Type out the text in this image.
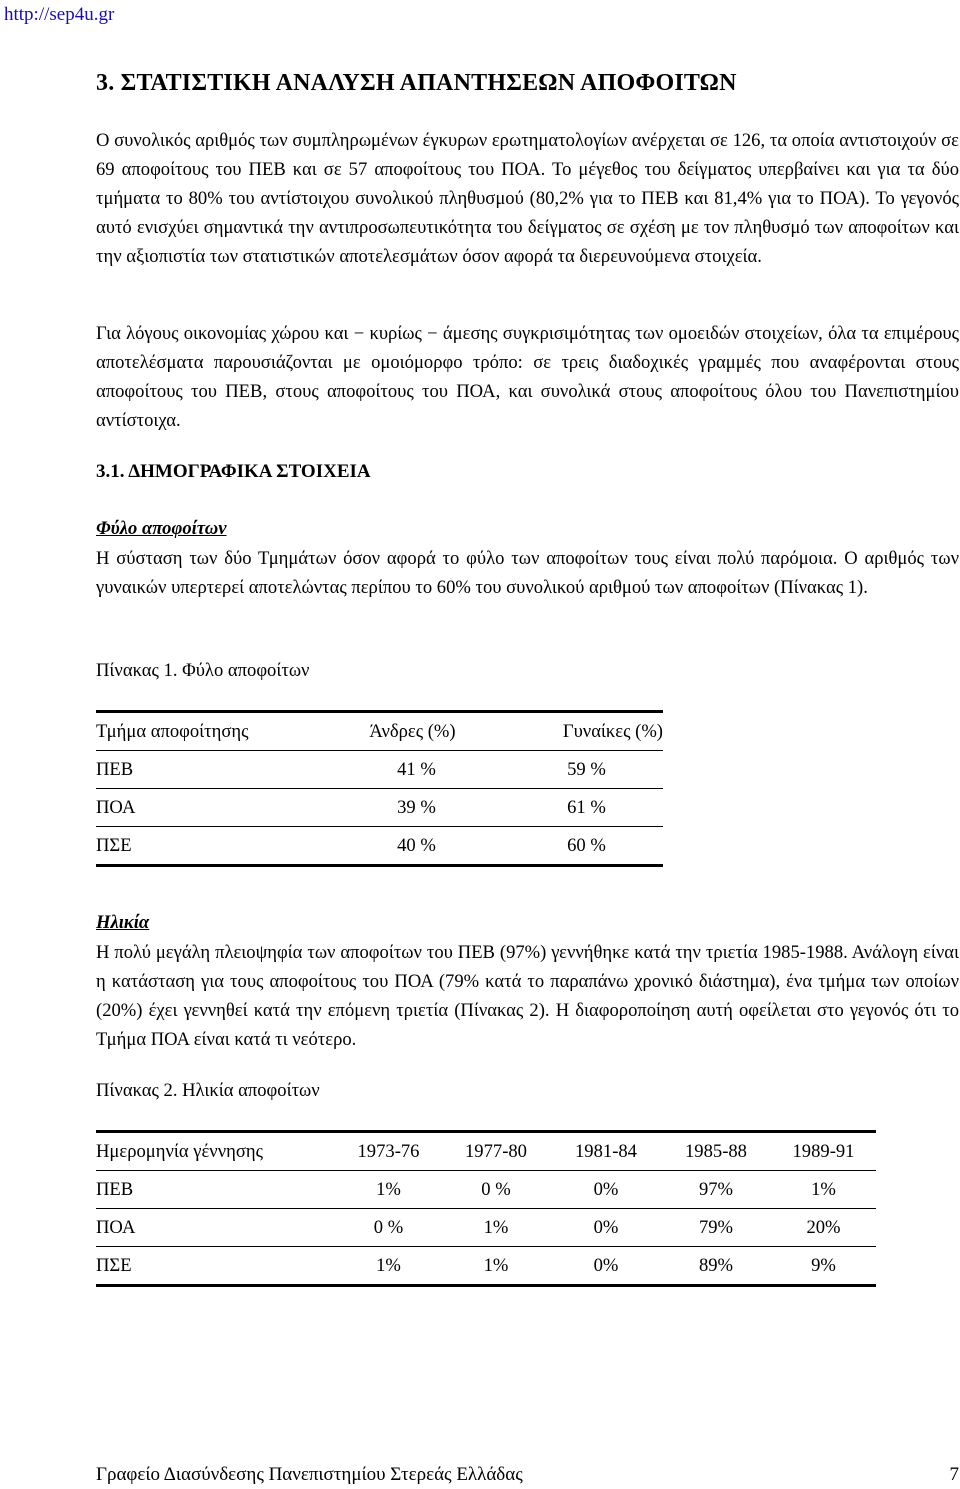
http://sep4u.gr
3. ΣΤΑΤΙΣΤΙΚΗ ΑΝΑΛΥΣΗ ΑΠΑΝΤΗΣΕΩΝ ΑΠΟΦΟΙΤΩΝ

Ο συνολικός αριθμός των συμπληρωμένων έγκυρων ερωτηματολογίων ανέρχεται σε 126, τα οποία αντιστοιχούν σε 69 αποφοίτους του ΠΕΒ και σε 57 αποφοίτους του ΠΟΑ. Το μέγεθος του δείγματος υπερβαίνει και για τα δύο τμήματα το 80% του αντίστοιχου συνολικού πληθυσμού (80,2% για το ΠΕΒ και 81,4% για το ΠΟΑ). Το γεγονός αυτό ενισχύει σημαντικά την αντιπροσωπευτικότητα του δείγματος σε σχέση με τον πληθυσμό των αποφοίτων και την αξιοπιστία των στατιστικών αποτελεσμάτων όσον αφορά τα διερευνούμενα στοιχεία.

Για λόγους οικονομίας χώρου και − κυρίως − άμεσης συγκρισιμότητας των ομοειδών στοιχείων, όλα τα επιμέρους αποτελέσματα παρουσιάζονται με ομοιόμορφο τρόπο: σε τρεις διαδοχικές γραμμές που αναφέρονται στους αποφοίτους του ΠΕΒ, στους αποφοίτους του ΠΟΑ, και συνολικά στους αποφοίτους όλου του Πανεπιστημίου αντίστοιχα.

3.1. ΔΗΜΟΓΡΑΦΙΚΑ ΣΤΟΙΧΕΙΑ
Φύλο αποφοίτων

Η σύσταση των δύο Τμημάτων όσον αφορά το φύλο των αποφοίτων τους είναι πολύ παρόμοια. Ο αριθμός των γυναικών υπερτερεί αποτελώντας περίπου το 60% του συνολικού αριθμού των αποφοίτων (Πίνακας 1).

Πίνακας 1. Φύλο αποφοίτων
Τμήμα αποφοίτησης	Άνδρες (%)	Γυναίκες (%)
ΠΕΒ	41 %	59 %
ΠΟΑ	39 %	61 %
ΠΣΕ	40 %	60 %
Ηλικία

Η πολύ μεγάλη πλειοψηφία των αποφοίτων του ΠΕΒ (97%) γεννήθηκε κατά την τριετία 1985-1988. Ανάλογη είναι η κατάσταση για τους αποφοίτους του ΠΟΑ (79% κατά το παραπάνω χρονικό διάστημα), ένα τμήμα των οποίων (20%) έχει γεννηθεί κατά την επόμενη τριετία (Πίνακας 2). Η διαφοροποίηση αυτή οφείλεται στο γεγονός ότι το Τμήμα ΠΟΑ είναι κατά τι νεότερο.

Πίνακας 2. Ηλικία αποφοίτων
Ημερομηνία γέννησης	1973-76	1977-80	1981-84	1985-88	1989-91
ΠΕΒ	1%	0 %	0%	97%	1%
ΠΟΑ	0 %	1%	0%	79%	20%
ΠΣΕ	1%	1%	0%	89%	9%
Γραφείο Διασύνδεσης Πανεπιστημίου Στερεάς Ελλάδας	7
